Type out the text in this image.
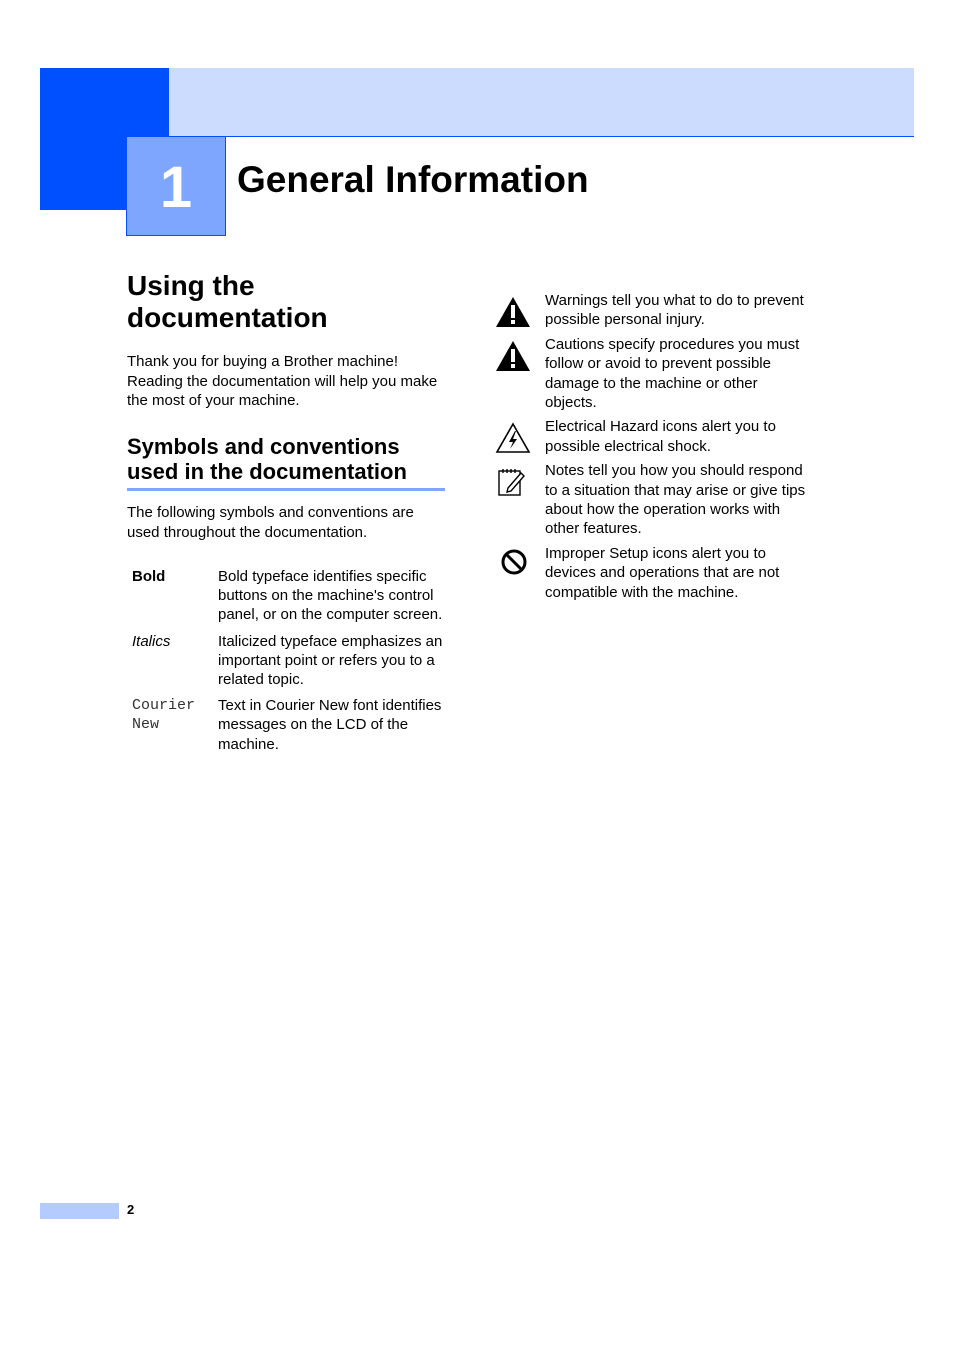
1 General Information
Using the documentation

Thank you for buying a Brother machine! Reading the documentation will help you make the most of your machine.

Symbols and conventions used in the documentation

The following symbols and conventions are used throughout the documentation.

Bold	Bold typeface identifies specific buttons on the machine's control panel, or on the computer screen.
Italics	Italicized typeface emphasizes an important point or refers you to a related topic.
Courier New	Text in Courier New font identifies messages on the LCD of the machine.
Warnings tell you what to do to prevent possible personal injury.
Cautions specify procedures you must follow or avoid to prevent possible damage to the machine or other objects.
Electrical Hazard icons alert you to possible electrical shock.
Notes tell you how you should respond to a situation that may arise or give tips about how the operation works with other features.
Improper Setup icons alert you to devices and operations that are not compatible with the machine.
2
